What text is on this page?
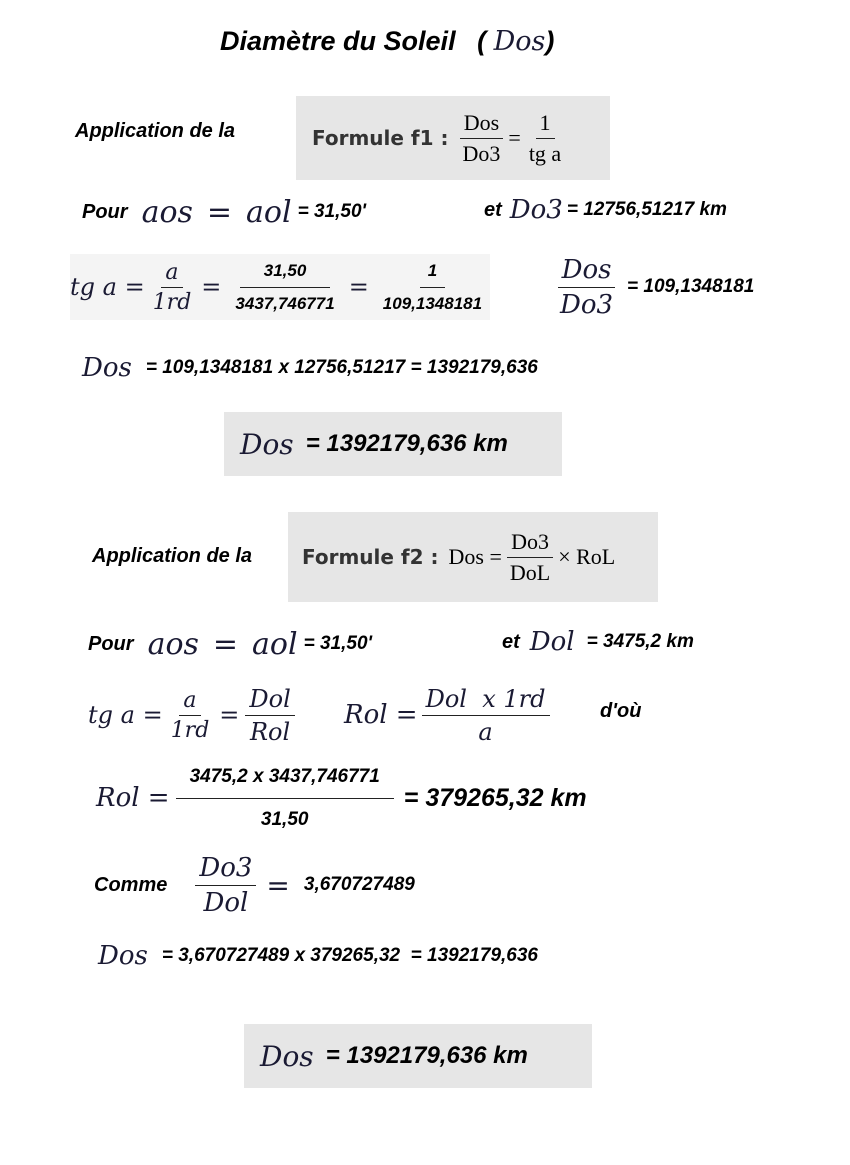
Diamètre du Soleil ( Dos)
Application de la	Formule f1 : $\frac{\text{Dos}}{Do3} = \frac{1}{\text{tg a}}$
Pour aos = aol = 31,50'	et Do3 = 12756,51217 km
tg $a = \frac{a}{1rd} = \frac{31,50}{3437,746771} = \frac{1}{109,1348181}$	$\frac{\text{Dos}}{Do3} = 109,1348181$
Dos = 109,1348181 x 12756,51217 = 1392179,636
Dos = 1392179,636 km
Application de la Formule f2 : Dos = $\frac{Do3}{\text{DoL}}$ × RoL
Pour aos = aol = 31,50'	et Dol = 3475,2 km
tg $a = \frac{a}{1rd} = \frac{\text{Dol}}{\text{Rol}}$ Rol = $\frac{\text{Dol  x 1rd}}{a}$	d'où
Rol = $\frac{3475,2 x 3437,746771}{31,50} = 379265,32$ km
Comme $\frac{Do3}{\text{Dol}} = 3,670727489$
Dos = 3,670727489 x 379265,32  = 1392179,636
Dos = 1392179,636 km
